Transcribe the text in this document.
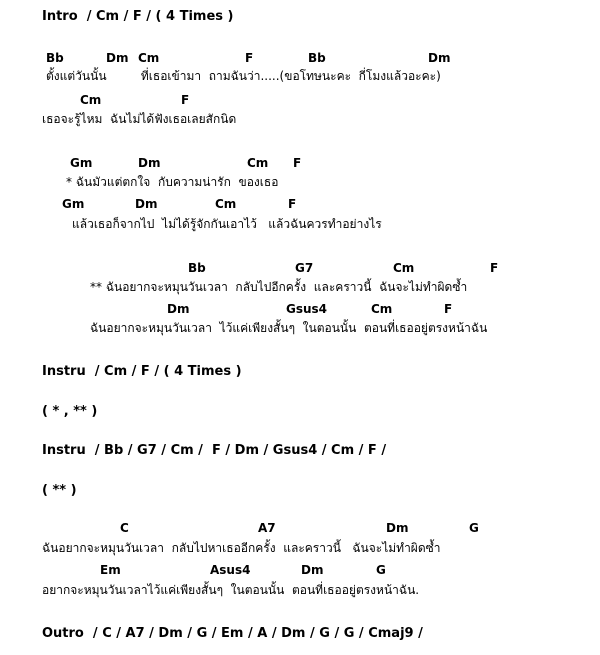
Intro  / Cm / F / ( 4 Times )
Bb	Dm Cm	F	Bb	Dm
ตั้งแต่วันนั้น         ที่เธอเข้ามา  ถามฉันว่า.....(ขอโทษนะคะ  กี่โมงแล้วอะคะ)
Cm	F
เธอจะรู้ไหม  ฉันไม่ได้ฟังเธอเลยสักนิด
Gm	Dm	Cm F
* ฉันมัวแต่ตกใจ  กับความน่ารัก  ของเธอ
Gm	Dm	Cm	F
แล้วเธอก็จากไป  ไม่ได้รู้จักกันเอาไว้   แล้วฉันควรทำอย่างไร
Bb	G7	Cm	F
** ฉันอยากจะหมุนวันเวลา  กลับไปอีกครั้ง  และคราวนี้  ฉันจะไม่ทำผิดซ้ำ
Dm	Gsus4	Cm	F
ฉันอยากจะหมุนวันเวลา  ไว้แค่เพียงสั้นๆ  ในตอนนั้น  ตอนที่เธออยู่ตรงหน้าฉัน
Instru  / Cm / F / ( 4 Times )
( * , ** )
Instru  / Bb / G7 / Cm /  F / Dm / Gsus4 / Cm / F /
( ** )
C	A7	Dm	G
ฉันอยากจะหมุนวันเวลา  กลับไปหาเธออีกครั้ง  และคราวนี้   ฉันจะไม่ทำผิดซ้ำ
Em	Asus4	Dm	G
อยากจะหมุนวันเวลาไว้แค่เพียงสั้นๆ  ในตอนนั้น  ตอนที่เธออยู่ตรงหน้าฉัน.
Outro  / C / A7 / Dm / G / Em / A / Dm / G / G / Cmaj9 /
